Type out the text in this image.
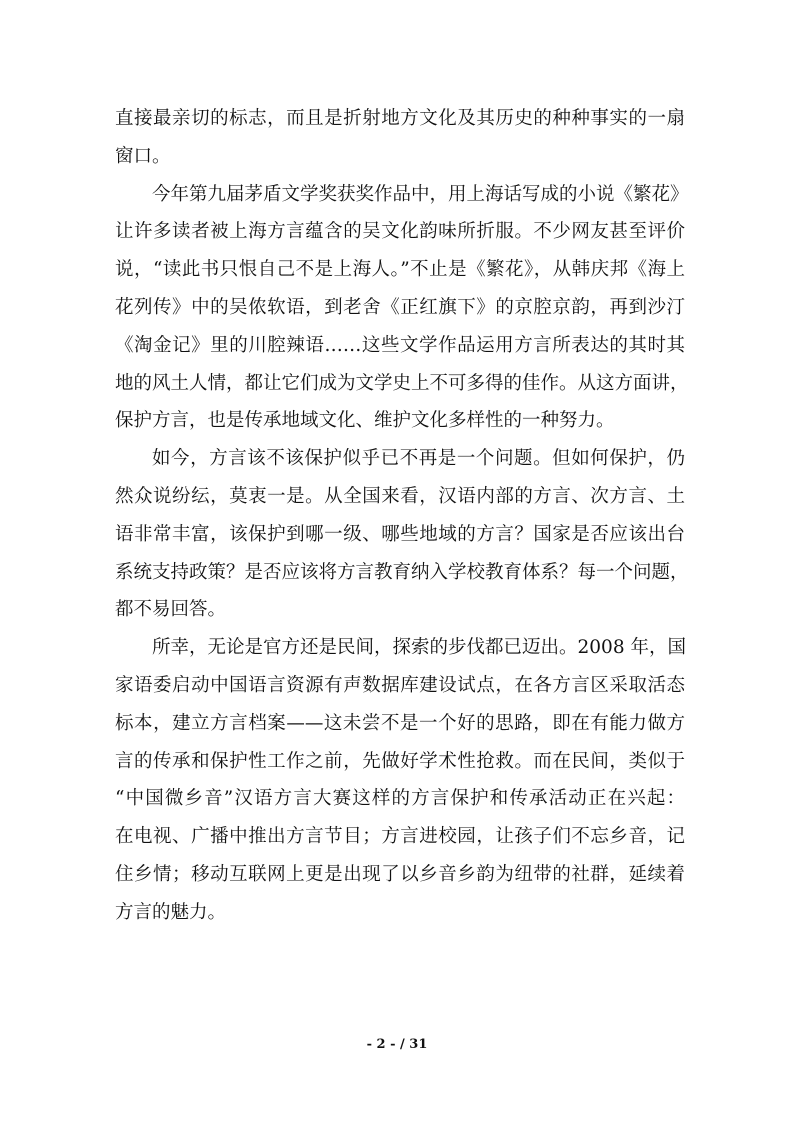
直接最亲切的标志，而且是折射地方文化及其历史的种种事实的一扇
窗口。
今年第九届茅盾文学奖获奖作品中，用上海话写成的小说《繁花》
让许多读者被上海方言蕴含的吴文化韵味所折服。不少网友甚至评价
说，“读此书只恨自己不是上海人。”不止是《繁花》，从韩庆邦《海上
花列传》中的吴侬软语，到老舍《正红旗下》的京腔京韵，再到沙汀
《淘金记》里的川腔辣语……这些文学作品运用方言所表达的其时其
地的风土人情，都让它们成为文学史上不可多得的佳作。从这方面讲，
保护方言，也是传承地域文化、维护文化多样性的一种努力。
如今，方言该不该保护似乎已不再是一个问题。但如何保护，仍
然众说纷纭，莫衷一是。从全国来看，汉语内部的方言、次方言、土
语非常丰富，该保护到哪一级、哪些地域的方言？国家是否应该出台
系统支持政策？是否应该将方言教育纳入学校教育体系？每一个问题，
都不易回答。
所幸，无论是官方还是民间，探索的步伐都已迈出。2008 年，国
家语委启动中国语言资源有声数据库建设试点，在各方言区采取活态
标本，建立方言档案——这未尝不是一个好的思路，即在有能力做方
言的传承和保护性工作之前，先做好学术性抢救。而在民间，类似于
“中国微乡音”汉语方言大赛这样的方言保护和传承活动正在兴起：
在电视、广播中推出方言节目；方言进校园，让孩子们不忘乡音，记
住乡情；移动互联网上更是出现了以乡音乡韵为纽带的社群，延续着
方言的魅力。
- 2 - / 31
